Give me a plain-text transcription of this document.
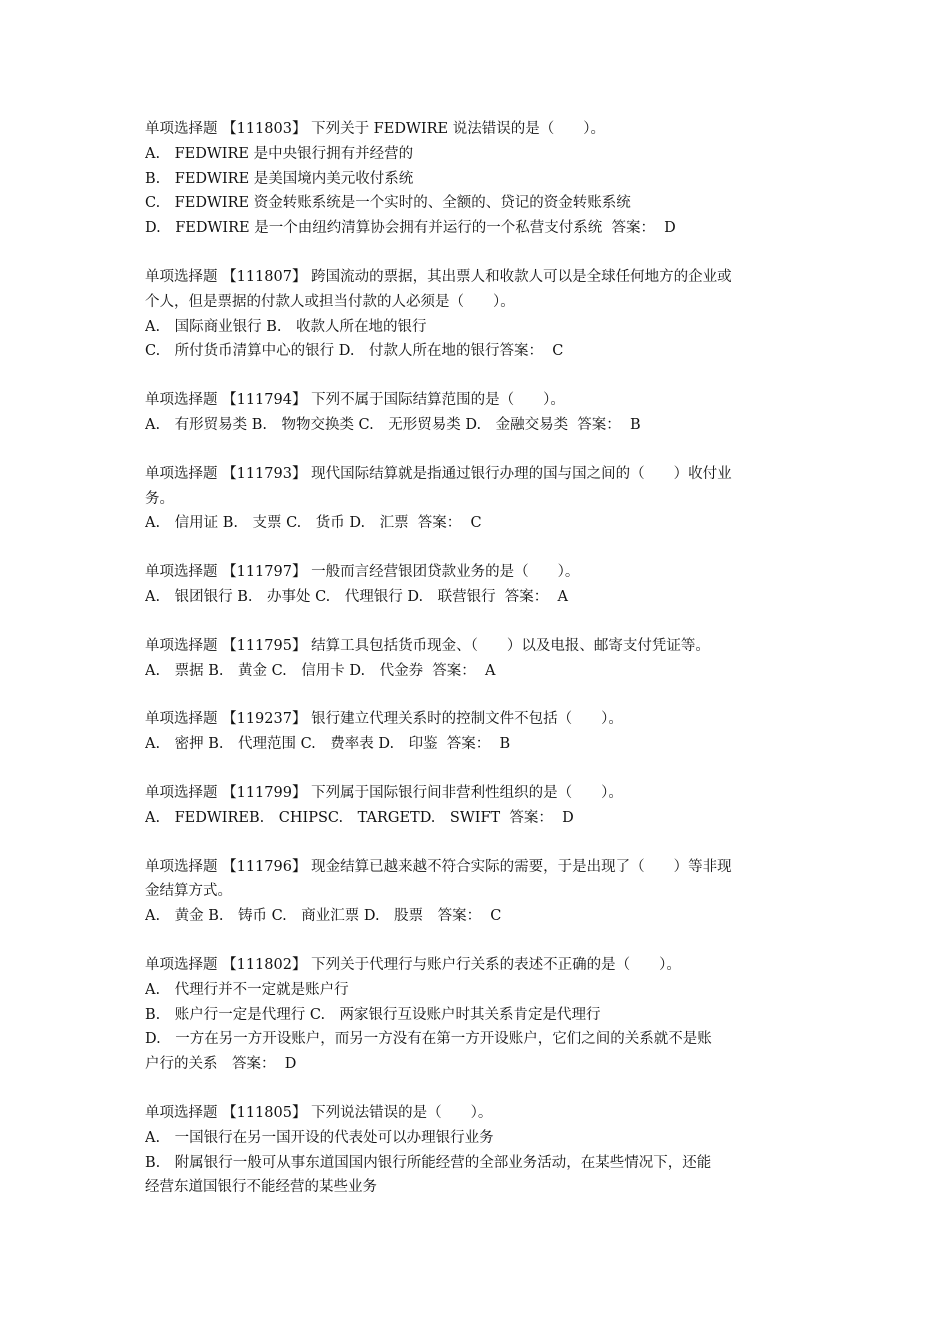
单项选择题 【111803】 下列关于 FEDWIRE 说法错误的是（　　）。
A.　FEDWIRE 是中央银行拥有并经营的
B.　FEDWIRE 是美国境内美元收付系统
C.　FEDWIRE 资金转账系统是一个实时的、全额的、贷记的资金转账系统
D.　FEDWIRE 是一个由纽约清算协会拥有并运行的一个私营支付系统  答案：  D
单项选择题 【111807】 跨国流动的票据，其出票人和收款人可以是全球任何地方的企业或
个人，但是票据的付款人或担当付款的人必须是（　　）。
A.　国际商业银行 B.　收款人所在地的银行
C.　所付货币清算中心的银行 D.　付款人所在地的银行答案：  C
单项选择题 【111794】 下列不属于国际结算范围的是（　　）。
A.　有形贸易类 B.　物物交换类 C.　无形贸易类 D.　金融交易类  答案：  B
单项选择题 【111793】 现代国际结算就是指通过银行办理的国与国之间的（　　）收付业
务。
A.　信用证 B.　支票 C.　货币 D.　汇票  答案：  C
单项选择题 【111797】 一般而言经营银团贷款业务的是（　　）。
A.　银团银行 B.　办事处 C.　代理银行 D.　联营银行  答案：  A
单项选择题 【111795】 结算工具包括货币现金、（　　）以及电报、邮寄支付凭证等。
A.　票据 B.　黄金 C.　信用卡 D.　代金券  答案：  A
单项选择题 【119237】 银行建立代理关系时的控制文件不包括（　　）。
A.　密押 B.　代理范围 C.　费率表 D.　印鉴  答案：  B
单项选择题 【111799】 下列属于国际银行间非营利性组织的是（　　）。
A.　FEDWIREB.　CHIPSC.　TARGETD.　SWIFT  答案：  D
单项选择题 【111796】 现金结算已越来越不符合实际的需要，于是出现了（　　）等非现
金结算方式。
A.　黄金 B.　铸币 C.　商业汇票 D.　股票　答案：  C
单项选择题 【111802】 下列关于代理行与账户行关系的表述不正确的是（　　）。
A.　代理行并不一定就是账户行
B.　账户行一定是代理行 C.　两家银行互设账户时其关系肯定是代理行
D.　一方在另一方开设账户，而另一方没有在第一方开设账户，它们之间的关系就不是账
户行的关系　答案：  D
单项选择题 【111805】 下列说法错误的是（　　）。
A.　一国银行在另一国开设的代表处可以办理银行业务
B.　附属银行一般可从事东道国国内银行所能经营的全部业务活动，在某些情况下，还能
经营东道国银行不能经营的某些业务
